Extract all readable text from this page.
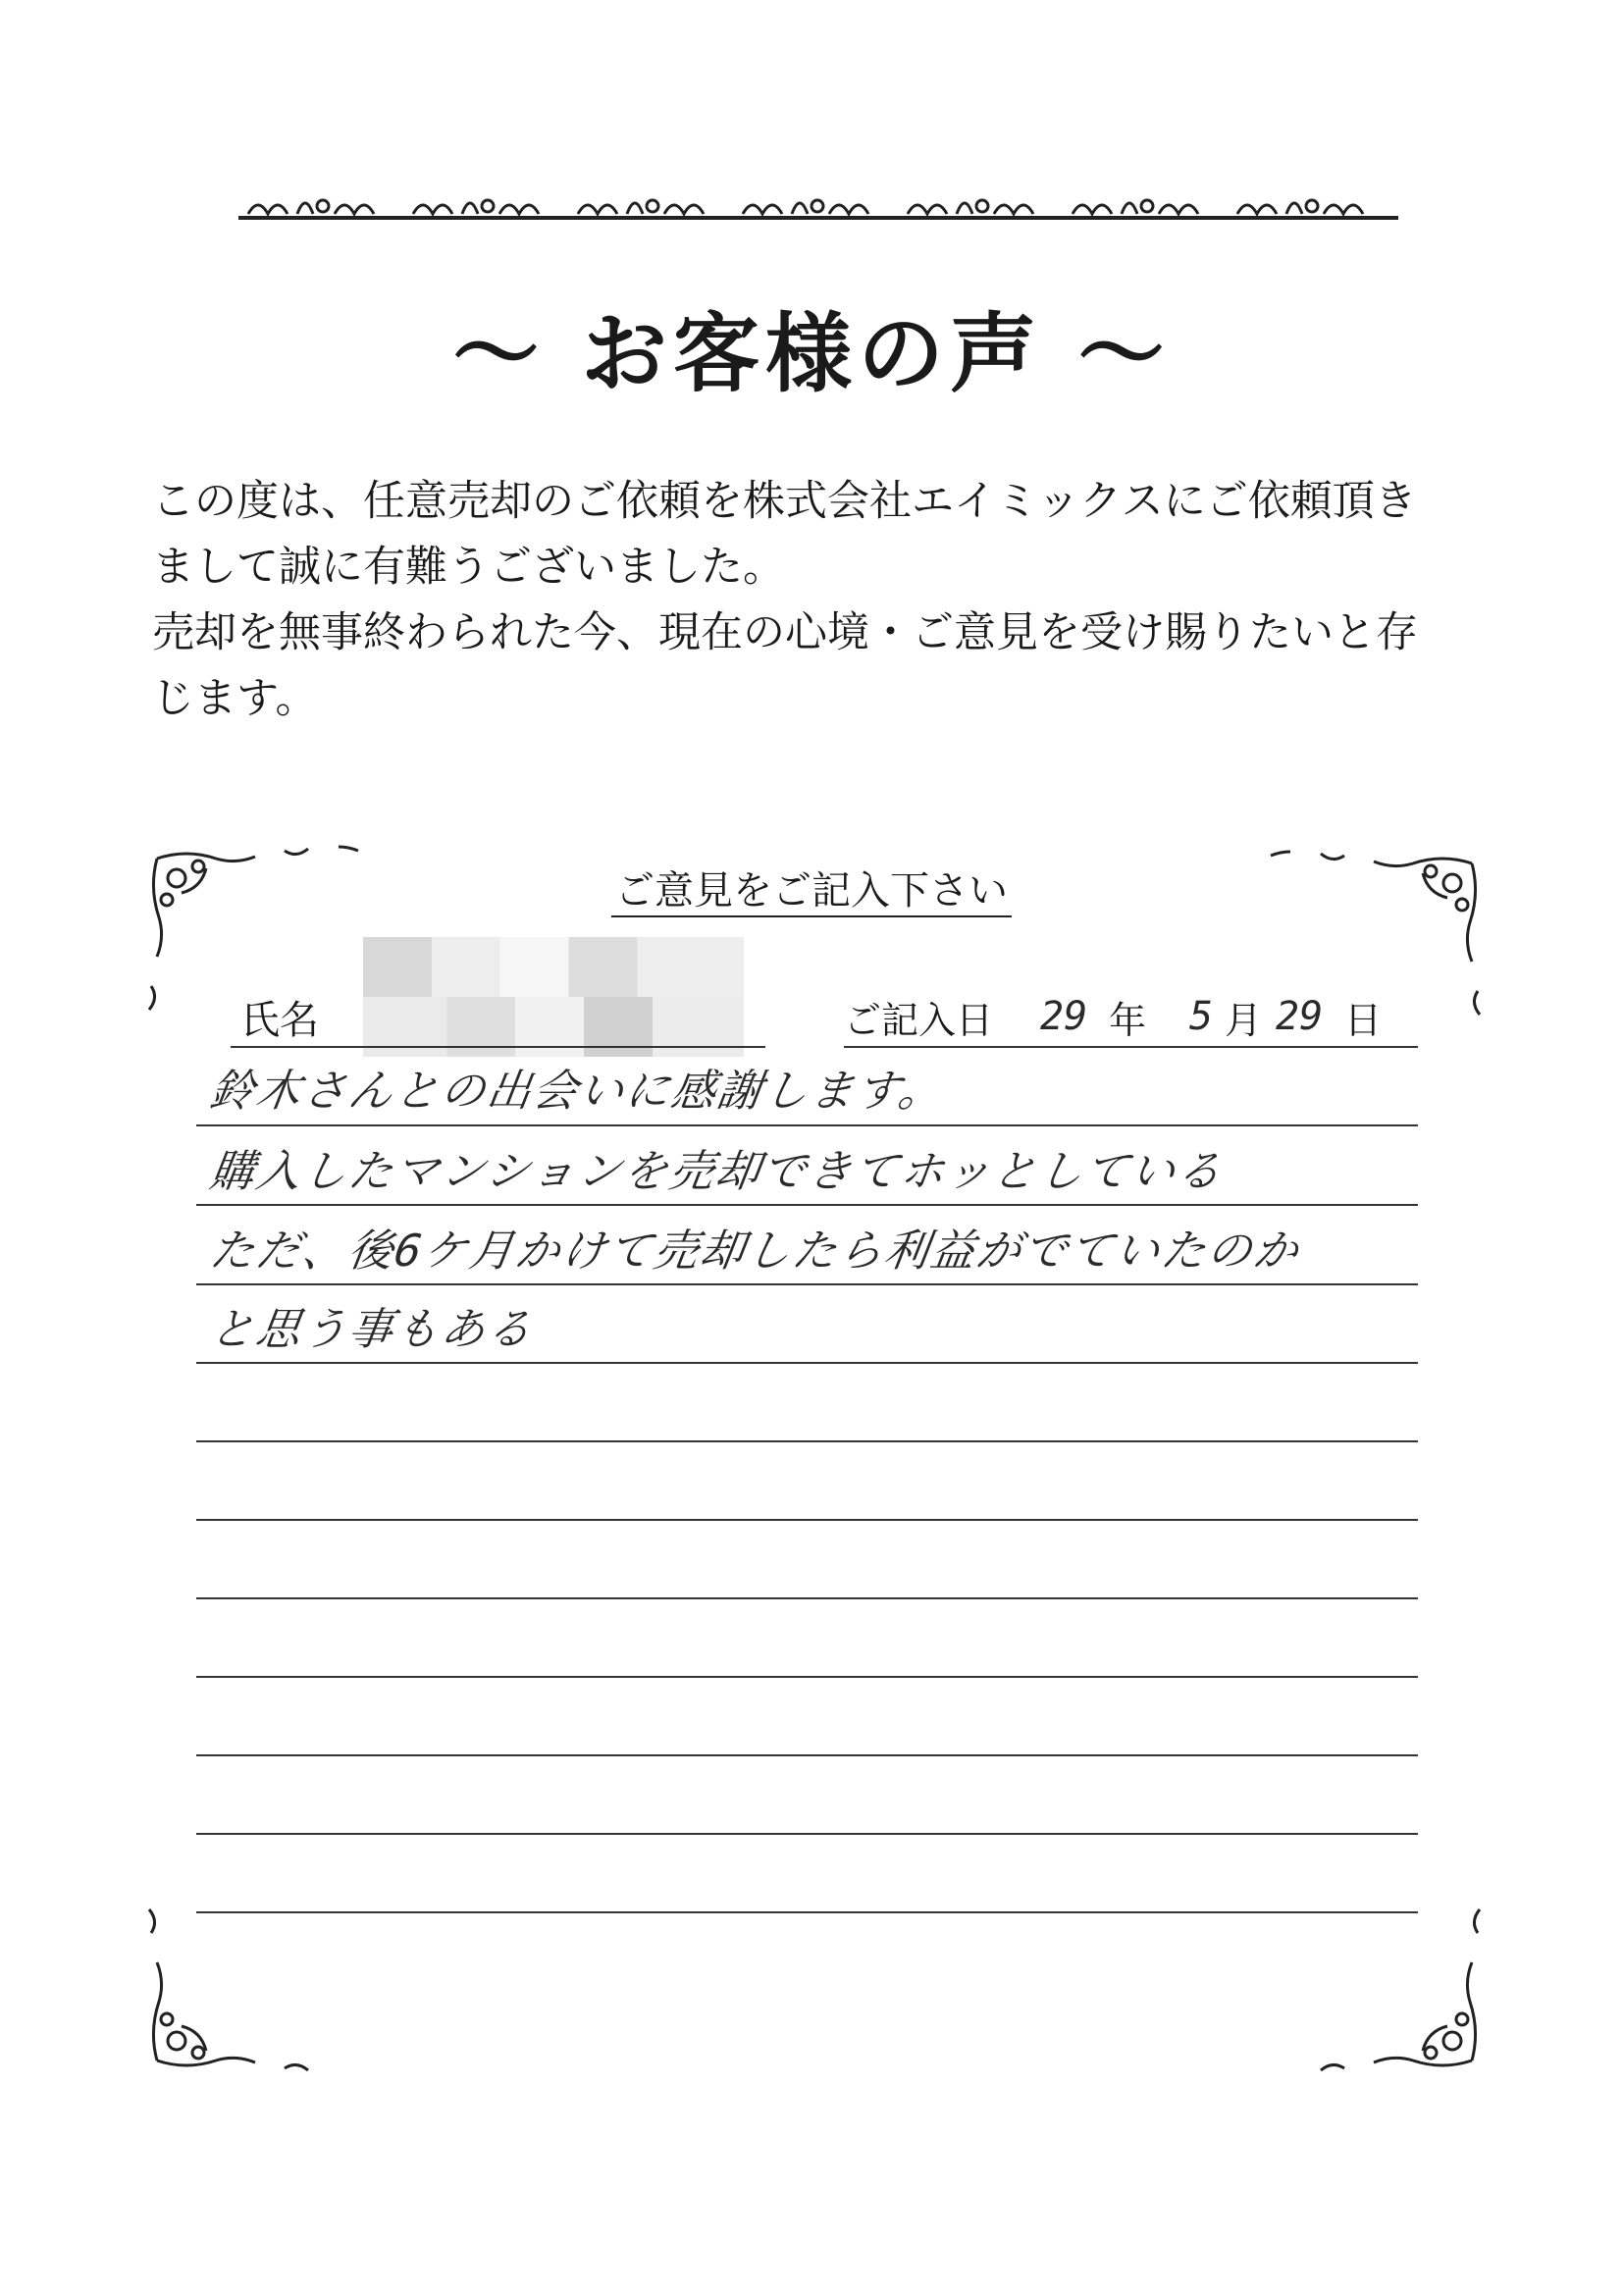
～ お客様の声 ～

この度は、任意売却のご依頼を株式会社エイミックスにご依頼頂き

まして誠に有難うございました。

売却を無事終わられた今、現在の心境・ご意見を受け賜りたいと存

じます。

ご意見をご記入下さい
氏名	ご記入日 29 年 5 月 29 日
鈴木さんとの出会いに感謝します。
購入したマンションを売却できてホッとしている
ただ、後6ケ月かけて売却したら利益がでていたのか
と思う事もある
